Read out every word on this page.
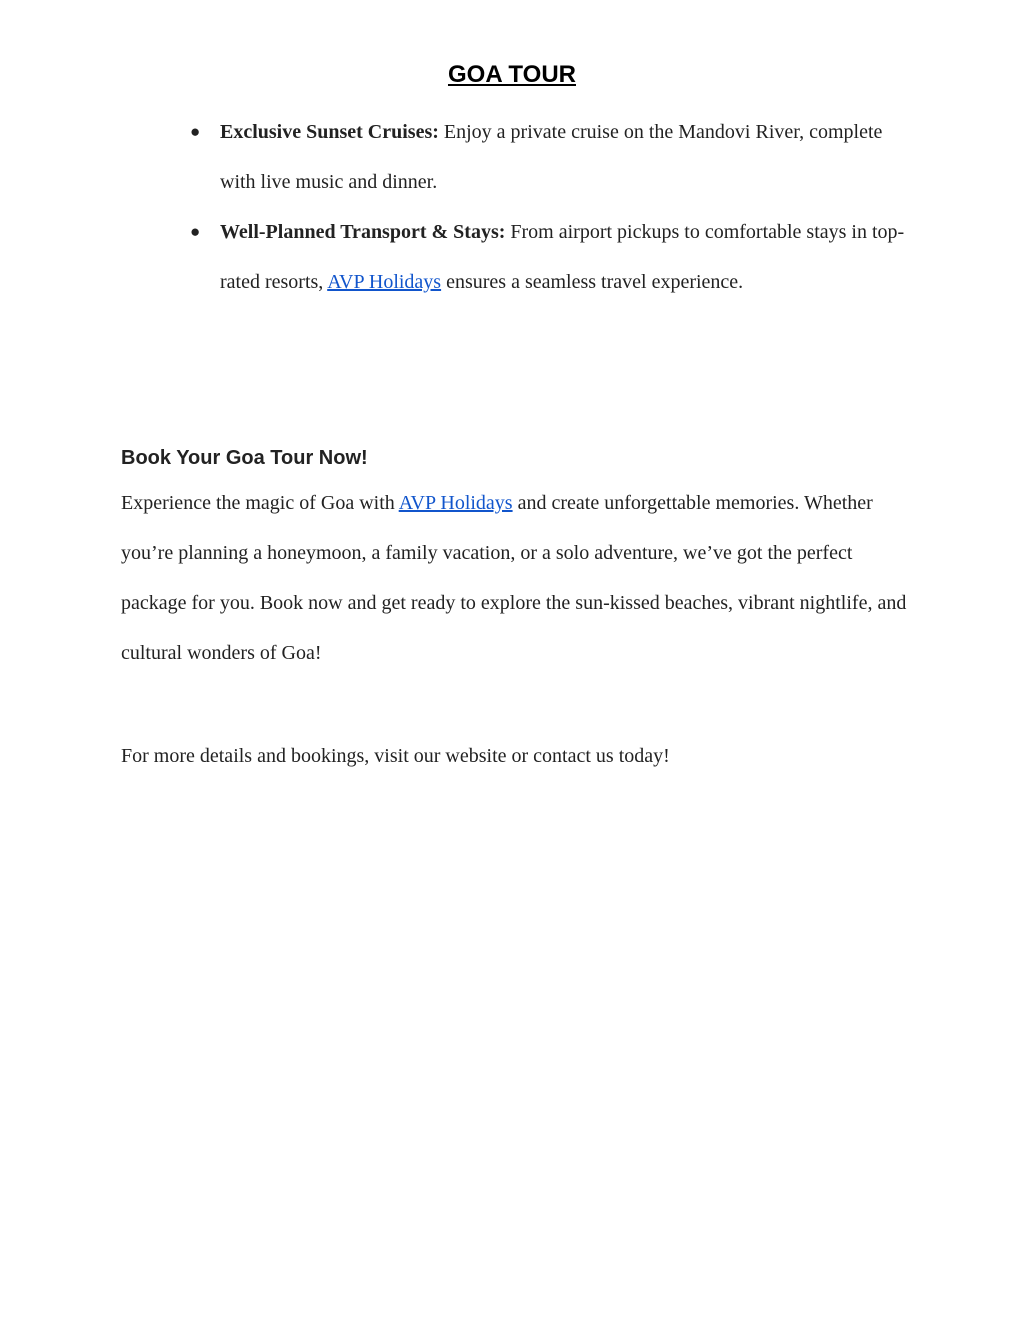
GOA TOUR
● Exclusive Sunset Cruises: Enjoy a private cruise on the Mandovi River, complete with live music and dinner.
● Well-Planned Transport & Stays: From airport pickups to comfortable stays in top-rated resorts, AVP Holidays ensures a seamless travel experience.
Book Your Goa Tour Now!

Experience the magic of Goa with AVP Holidays and create unforgettable memories. Whether you’re planning a honeymoon, a family vacation, or a solo adventure, we’ve got the perfect package for you. Book now and get ready to explore the sun-kissed beaches, vibrant nightlife, and cultural wonders of Goa!

For more details and bookings, visit our website or contact us today!
